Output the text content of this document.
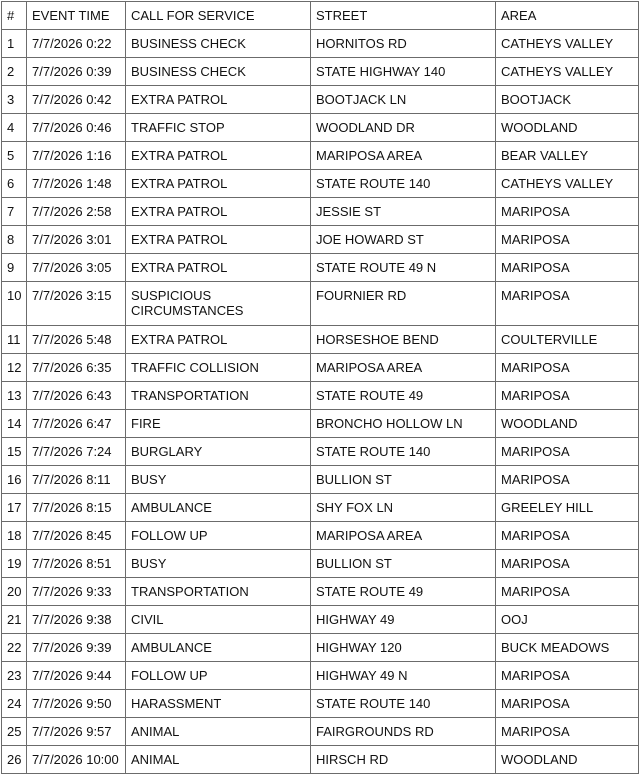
#	EVENT TIME	CALL FOR SERVICE	STREET	AREA
1	7/7/2026 0:22	BUSINESS CHECK	HORNITOS RD	CATHEYS VALLEY
2	7/7/2026 0:39	BUSINESS CHECK	STATE HIGHWAY 140	CATHEYS VALLEY
3	7/7/2026 0:42	EXTRA PATROL	BOOTJACK LN	BOOTJACK
4	7/7/2026 0:46	TRAFFIC STOP	WOODLAND DR	WOODLAND
5	7/7/2026 1:16	EXTRA PATROL	MARIPOSA AREA	BEAR VALLEY
6	7/7/2026 1:48	EXTRA PATROL	STATE ROUTE 140	CATHEYS VALLEY
7	7/7/2026 2:58	EXTRA PATROL	JESSIE ST	MARIPOSA
8	7/7/2026 3:01	EXTRA PATROL	JOE HOWARD ST	MARIPOSA
9	7/7/2026 3:05	EXTRA PATROL	STATE ROUTE 49 N	MARIPOSA
10	7/7/2026 3:15	SUSPICIOUS CIRCUMSTANCES	FOURNIER RD	MARIPOSA
11	7/7/2026 5:48	EXTRA PATROL	HORSESHOE BEND	COULTERVILLE
12	7/7/2026 6:35	TRAFFIC COLLISION	MARIPOSA AREA	MARIPOSA
13	7/7/2026 6:43	TRANSPORTATION	STATE ROUTE 49	MARIPOSA
14	7/7/2026 6:47	FIRE	BRONCHO HOLLOW LN	WOODLAND
15	7/7/2026 7:24	BURGLARY	STATE ROUTE 140	MARIPOSA
16	7/7/2026 8:11	BUSY	BULLION ST	MARIPOSA
17	7/7/2026 8:15	AMBULANCE	SHY FOX LN	GREELEY HILL
18	7/7/2026 8:45	FOLLOW UP	MARIPOSA AREA	MARIPOSA
19	7/7/2026 8:51	BUSY	BULLION ST	MARIPOSA
20	7/7/2026 9:33	TRANSPORTATION	STATE ROUTE 49	MARIPOSA
21	7/7/2026 9:38	CIVIL	HIGHWAY 49	OOJ
22	7/7/2026 9:39	AMBULANCE	HIGHWAY 120	BUCK MEADOWS
23	7/7/2026 9:44	FOLLOW UP	HIGHWAY 49 N	MARIPOSA
24	7/7/2026 9:50	HARASSMENT	STATE ROUTE 140	MARIPOSA
25	7/7/2026 9:57	ANIMAL	FAIRGROUNDS RD	MARIPOSA
26	7/7/2026 10:00	ANIMAL	HIRSCH RD	WOODLAND
